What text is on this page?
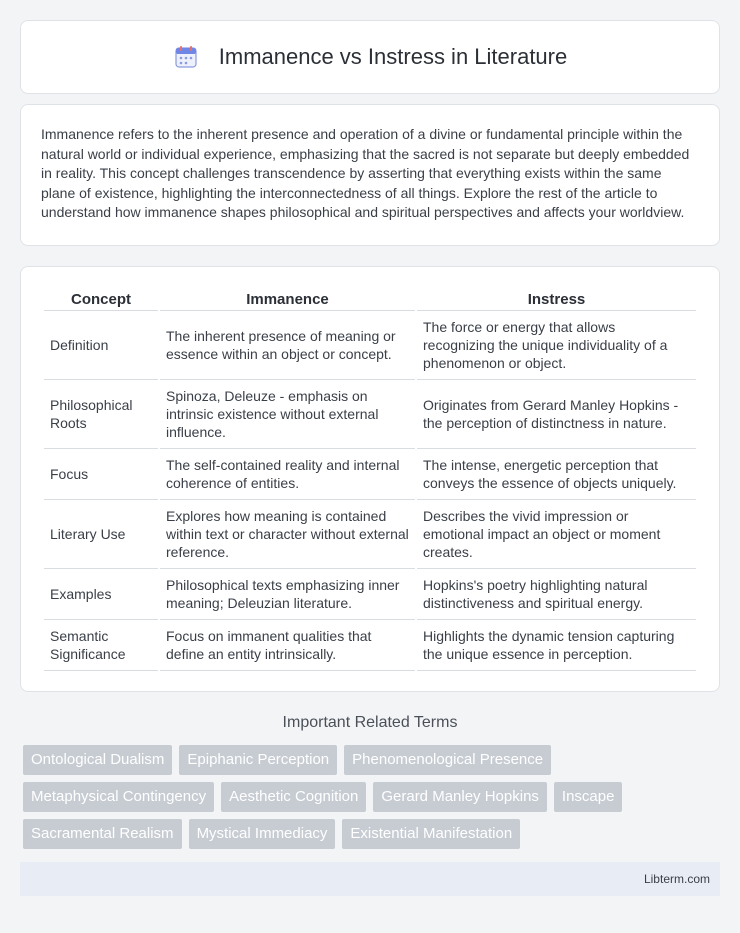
Immanence vs Instress in Literature

Immanence refers to the inherent presence and operation of a divine or fundamental principle within the natural world or individual experience, emphasizing that the sacred is not separate but deeply embedded in reality. This concept challenges transcendence by asserting that everything exists within the same plane of existence, highlighting the interconnectedness of all things. Explore the rest of the article to understand how immanence shapes philosophical and spiritual perspectives and affects your worldview.

Concept	Immanence	Instress
Definition	The inherent presence of meaning or essence within an object or concept.	The force or energy that allows recognizing the unique individuality of a phenomenon or object.
Philosophical Roots	Spinoza, Deleuze - emphasis on intrinsic existence without external influence.	Originates from Gerard Manley Hopkins - the perception of distinctness in nature.
Focus	The self-contained reality and internal coherence of entities.	The intense, energetic perception that conveys the essence of objects uniquely.
Literary Use	Explores how meaning is contained within text or character without external reference.	Describes the vivid impression or emotional impact an object or moment creates.
Examples	Philosophical texts emphasizing inner meaning; Deleuzian literature.	Hopkins's poetry highlighting natural distinctiveness and spiritual energy.
Semantic Significance	Focus on immanent qualities that define an entity intrinsically.	Highlights the dynamic tension capturing the unique essence in perception.
Important Related Terms
Ontological Dualism	Epiphanic Perception	Phenomenological Presence
Metaphysical Contingency	Aesthetic Cognition	Gerard Manley Hopkins	Inscape
Sacramental Realism	Mystical Immediacy	Existential Manifestation
Libterm.com
